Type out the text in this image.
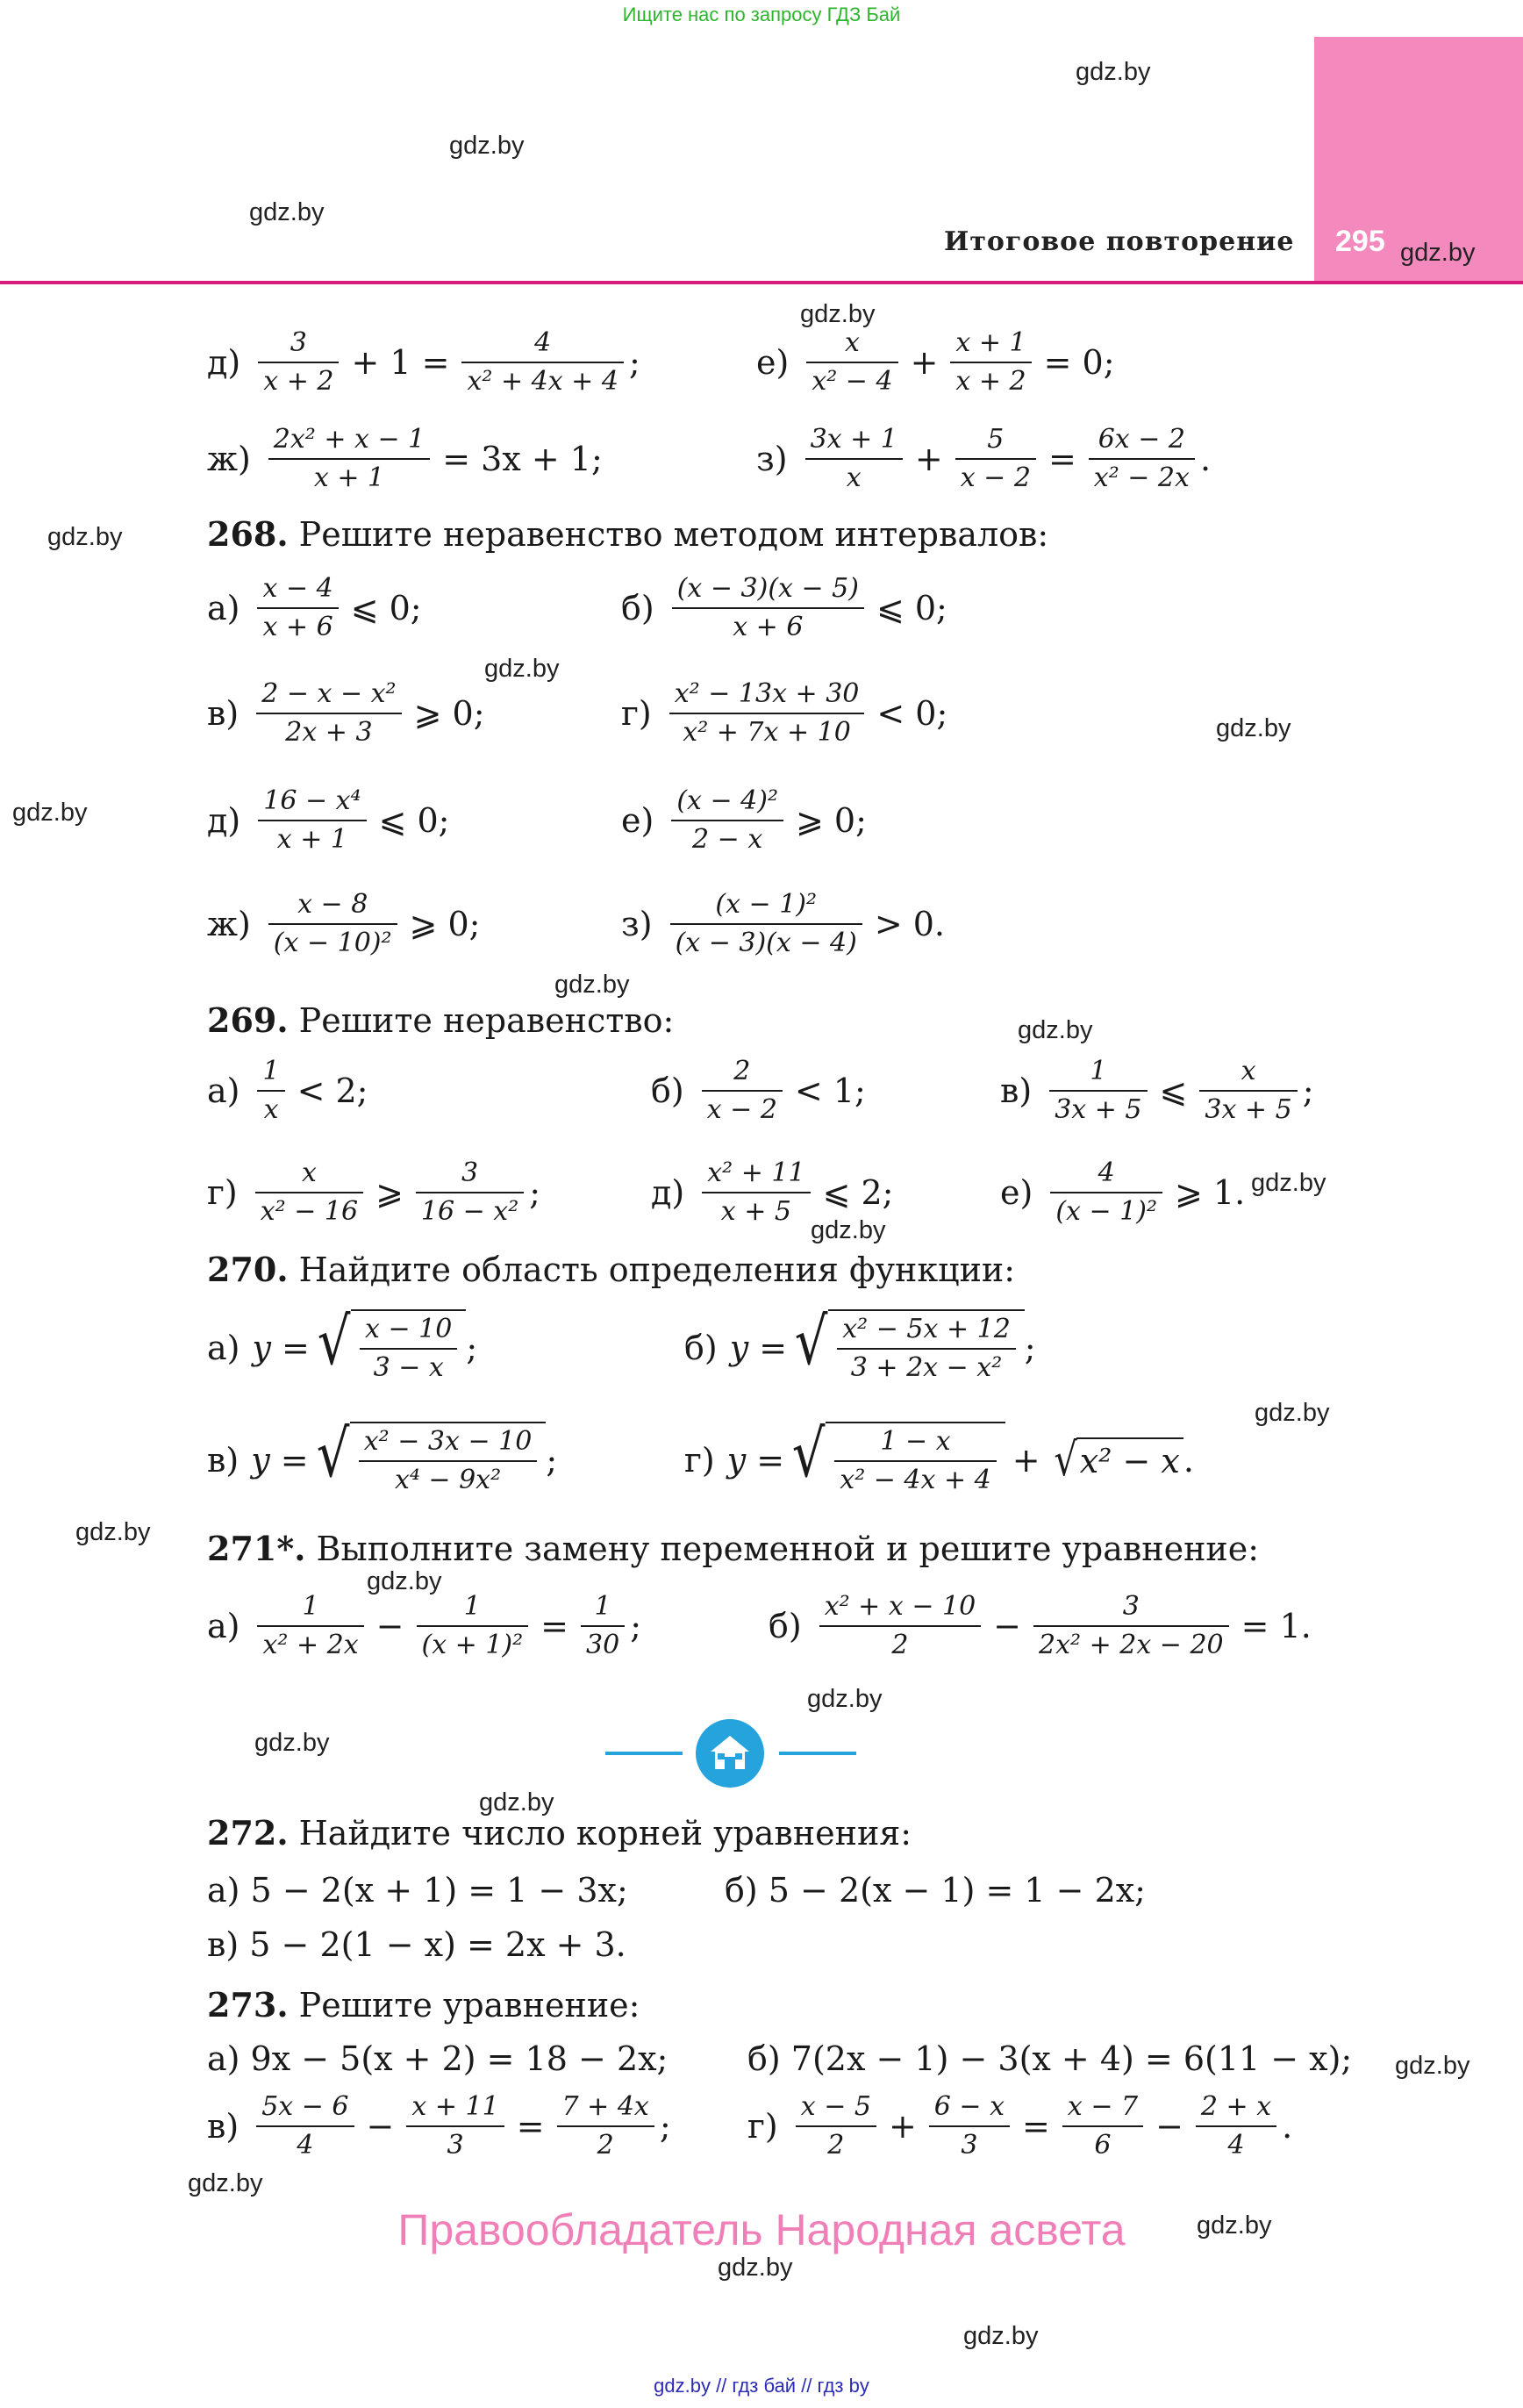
Ищите нас по запросу ГДЗ Бай
295
Итоговое повторение
gdz.by
gdz.by
gdz.by
gdz.by
gdz.by
gdz.by
gdz.by
gdz.by
gdz.by
gdz.by
gdz.by
gdz.by
gdz.by
gdz.by
gdz.by
gdz.by
gdz.by
gdz.by
gdz.by
gdz.by
gdz.by
gdz.by
gdz.by
gdz.by
$д) \frac{3}{x + 2} + 1 = \frac{4}{\text{x² + 4x + 4}}$ ;	$е) \frac{x}{\text{x² − 4}} + \frac{x + 1}{x + 2} = 0$;
$ж) \frac{\text{2x² + x − 1}}{x + 1} = 3x + 1$;	$з) \frac{3x + 1}{x} + \frac{5}{x - 2} = \frac{6x - 2}{\text{x² − 2x}}$ .
268. Решите неравенство методом интервалов:
$а) \frac{x - 4}{x + 6}$ ⩽ 0;	$б) \frac{(x - 3)(x - 5)}{x + 6}$ ⩽ 0;
$в) \frac{\text{2 − x − x²}}{2x + 3}$ ⩾ 0;	$г) \frac{\text{x² − 13x + 30}}{\text{x² + 7x + 10}} < 0$;
$д) \frac{\text{16 − x⁴}}{x + 1}$ ⩽ 0;	$е) \frac{\text{(x − 4)²}}{2 - x}$ ⩾ 0;
$ж) \frac{x - 8}{\text{(x − 10)²}}$ ⩾ 0;	$з) \frac{\text{(x − 1)²}}{(x - 3)(x - 4)} > 0$.
269. Решите неравенство:
$а) \frac{1}{x} < 2$;	$б) \frac{2}{x - 2} < 1$;	$в) \frac{1}{3x + 5}$ ⩽ $\frac{x}{3x + 5}$ ;
$г) \frac{x}{\text{x² − 16}}$ ⩾ $\frac{3}{\text{16 − x²}}$ ;	$д) \frac{\text{x² + 11}}{x + 5}$ ⩽ 2;	$е) \frac{4}{\text{(x − 1)²}}$ ⩾ 1.
270. Найдите область определения функции:
а) y = √ $\frac{x - 10}{3 - x}$ ;	б) y = √ $\frac{\text{x² − 5x + 12}}{\text{3 + 2x − x²}}$ ;
в) y = √ $\frac{\text{x² − 3x − 10}}{\text{x⁴ − 9x²}}$ ;	г) y = √ $\frac{1 - x}{\text{x² − 4x + 4}}$ + √ x² − x .
271*. Выполните замену переменной и решите уравнение:
$а) \frac{1}{\text{x² + 2x}} - \frac{1}{\text{(x + 1)²}} = \frac{1}{30}$ ;	$б) \frac{\text{x² + x − 10}}{2} - \frac{3}{\text{2x² + 2x − 20}} = 1$.
272. Найдите число корней уравнения:
а) 5 − 2(x + 1) = 1 − 3x;	б) 5 − 2(x − 1) = 1 − 2x;
в) 5 − 2(1 − x) = 2x + 3.
273. Решите уравнение:
а) 9x − 5(x + 2) = 18 − 2x; б) 7(2x − 1) − 3(x + 4) = 6(11 − x);
$в) \frac{5x - 6}{4} - \frac{x + 11}{3} = \frac{7 + 4x}{2}$ ; $г) \frac{x - 5}{2} + \frac{6 - x}{3} = \frac{x - 7}{6} - \frac{2 + x}{4}$ .
Правообладатель Народная асвета
gdz.by // гдз бай // гдз by
